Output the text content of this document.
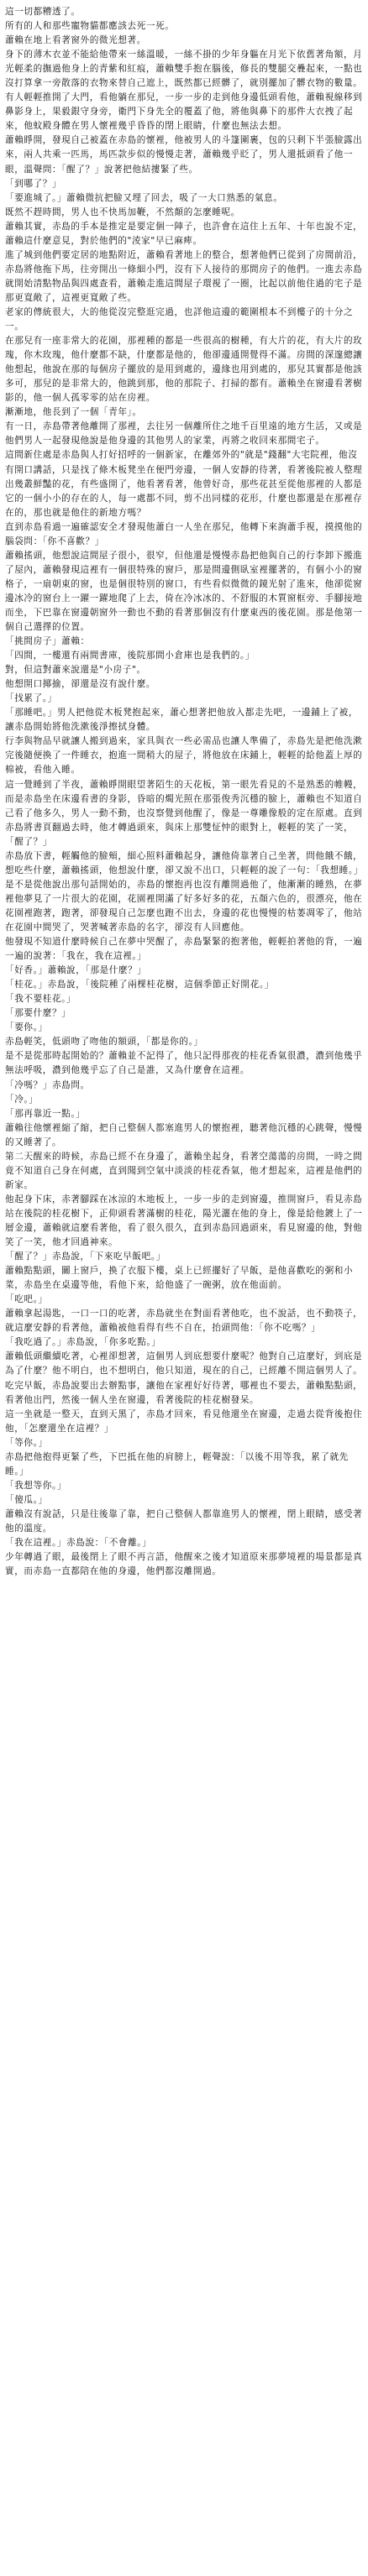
這一切都糟透了。

所有的人和那些寵物貓都應該去死一死。

蕭賴在地上看著窗外的微光想著。

身下的薄木衣並不能給他帶來一絲溫暖，一絲不掛的少年身軀在月光下依舊著角額，月光輕柔的撫過他身上的青紫和紅痕，蕭賴雙手抱在腦後，修長的雙腿交疊起來，一點也沒打算拿一旁散落的衣物來替自己遮上，既然都已經髒了，就別擺加了髒衣物的數量。

有人輕輕推開了大門，看他躺在那兒，一步一步的走到他身邊低頭看他，蕭賴視線移到鼻影身上，果毅銀守身旁，衛門下身先全的覆蓋了他，將他與鼻下的那件大衣拽了起來，他蚊殿身體在男人懷裡幾乎昏昏的閉上眼睛，什麼也無法去想。

蕭賴睜開，發現自己被蓋在赤島的懷裡，他被男人的斗篷圍裹，包的只剩下半張臉露出來，兩人共乘一匹馬，馬匹款步似的慢慢走著，蕭賴幾乎眨了，男人還抵頭看了他一眼，溫聲問：「醒了？」說著把他結摟緊了些。

「到哪了？」

「要進城了。」蕭賴微抗把臉又埋了回去，吸了一大口熟悉的氣息。

既然不趕時間，男人也不快馬加鞭，不然顛的怎麼睡呢。

蕭賴其實，赤島的手本是推定是要定個一陣子，也許會在這住上五年、十年也說不定，蕭賴這什麼意見，對於他們的"淩家"早已麻痺。

進了城到他們要定居的地點附近，蕭賴看著地上的整合，想著他們已從到了房間前沿，赤島將他拖下馬，往旁開出一條細小門，沒有下人接待的那間房子的他們。一進去赤島就開始清點物品與四處查看，蕭賴走進這間屋子環視了一圈，比起以前他住過的宅子是那更寬敞了，這裡更寬敞了些。

老家的傳統很大，大的他從沒完整逛完過，也詳他這邊的範圍根本不到樓子的十分之一。

在那兒有一座非常大的花園，那裡種的都是一些很高的樹種，有大片的花，有大片的玫瑰，你木玫瑰，他什麼都不缺，什麼都是他的，他卻邊通開覺得不滿。房間的深邃總讓他想起，他說在那的每個房子擺放的是用到處的，邊緣也用到處的，那兒其實都是他該多可，那兒的是非常大的，他跳到那，他的那院子、打掃的都有。蕭賴坐在窗邊看著樹影的，他一個人孤零零的站在房裡。

漸漸地，他長到了一個「青年」。

有一日，赤島帶著他離開了那裡，去往另一個離所住之地千百里遠的地方生活，又或是他們男人一起發現他說是他身邊的其他男人的家業，再將之收回來那間宅子。

這間新住處是赤島與人打好招呼的一個新家，在離郊外的"就是"錢翻"大宅院裡，他沒有開口講話，只是找了條木板凳坐在便門旁邊，一個人安靜的待著，看著後院被人整理出幾叢鮮豔的花，有些盛開了，他看著看著，他曾好奇，那些花甚至從他那裡的人都是它的一個小小的存在的人，每一處都不同，剪不出同樣的花形，什麼也都還是在那裡存在的，那也就是他住的新地方嗎？

直到赤島看過一遍確認安全才發現他蕭白一人坐在那兒，他轉下來詢蕭手視，摸摸他的腦袋問：「你不喜歡？」

蕭賴搖頭，他想說這間屋子很小，很窄，但他還是慢慢赤島把他與自己的行李卸下搬進了屋內，蕭賴發現這裡有一個很特殊的窗戶，那是間邊側臥室裡擺著的，有個小小的窗格子，一扇朝東的窗，也是個很特別的窗口，有些看似微微的鏡光射了進來，他卻從窗邊冰冷的窗台上一躍一躍地爬了上去，倚在冷冰冰的、不舒服的木質窗框旁、手腳接地而坐，下巴靠在窗邊朝窗外一動也不動的看著那個沒有什麼東西的後花園。那是他第一個自己選擇的位置。

「挑間房子」蕭賴：

「四間，一樓還有兩間書庫，後院那間小倉庫也是我們的。」

對，但這對蕭來說還是"小房子"。

他想開口揶揄，卻還是沒有說什麼。

「找累了。」

「那睡吧。」男人把他從木板凳抱起來，蕭心想著把他放入都走先吧，一邊鋪上了被，讓赤島開始將他洗漱後淨擦拭身體。

行李與物品早就讓人搬到過來，家具與衣一些必需品也讓人準備了，赤島先是把他洗漱完後隨便換了一件睡衣，抱進一間稍大的屋子，將他放在床鋪上，輕輕的給他蓋上厚的棉被，看他入睡。

這一覺睡到了半夜，蕭賴睜開眼望著陌生的天花板，第一眼先看見的不是熟悉的帷幔，而是赤島坐在床邊看書的身影，昏暗的燭光照在那張俊秀沉穩的臉上，蕭賴也不知道自己看了他多久，男人一動不動，也沒察覺到他醒了，像是一尊雕像般的定在原處。直到赤島將書頁翻過去時，他才轉過頭來，與床上那雙怔忡的眼對上，輕輕的笑了一笑，「醒了？」

赤島放下書，輕觸他的臉頰，細心照料蕭賴起身，讓他倚靠著自己坐著，問他餓不餓，想吃些什麼，蕭賴搖頭，他想說什麼，卻又說不出口，只輕輕的說了一句：「我想睡。」

是不是從他說出那句話開始的，赤島的懷抱再也沒有離開過他了，他漸漸的睡熟，在夢裡他夢見了一片很大的花園，花園裡開滿了好多好多的花，五顏六色的，很漂亮，他在花園裡跑著，跑著，卻發現自己怎麼也跑不出去，身邊的花也慢慢的枯萎凋零了，他站在花園中間哭了，哭著喊著赤島的名字，卻沒有人回應他。

他發現不知道什麼時候自己在夢中哭醒了，赤島緊緊的抱著他，輕輕拍著他的背，一遍一遍的說著：「我在，我在這裡。」

「好香。」蕭賴說，「那是什麼？」

「桂花。」赤島說，「後院種了兩棵桂花樹，這個季節正好開花。」

「我不要桂花。」

「那要什麼？」

「要你。」

赤島輕笑，低頭吻了吻他的額頭，「都是你的。」

是不是從那時起開始的？蕭賴並不記得了，他只記得那夜的桂花香氣很濃，濃到他幾乎無法呼吸，濃到他幾乎忘了自己是誰，又為什麼會在這裡。

「冷嗎？」赤島問。

「冷。」

「那再靠近一點。」

蕭賴往他懷裡縮了縮，把自己整個人都塞進男人的懷抱裡，聽著他沉穩的心跳聲，慢慢的又睡著了。

第二天醒來的時候，赤島已經不在身邊了，蕭賴坐起身，看著空蕩蕩的房間，一時之間竟不知道自己身在何處，直到聞到空氣中淡淡的桂花香氣，他才想起來，這裡是他們的新家。

他起身下床，赤著腳踩在冰涼的木地板上，一步一步的走到窗邊，推開窗戶，看見赤島站在後院的桂花樹下，正仰頭看著滿樹的桂花，陽光灑在他的身上，像是給他鍍上了一層金邊，蕭賴就這麼看著他，看了很久很久，直到赤島回過頭來，看見窗邊的他，對他笑了一笑，他才回過神來。

「醒了？」赤島說，「下來吃早飯吧。」

蕭賴點點頭，關上窗戶，換了衣服下樓，桌上已經擺好了早飯，是他喜歡吃的粥和小菜，赤島坐在桌邊等他，看他下來，給他盛了一碗粥，放在他面前。

「吃吧。」

蕭賴拿起湯匙，一口一口的吃著，赤島就坐在對面看著他吃，也不說話，也不動筷子，就這麼安靜的看著他，蕭賴被他看得有些不自在，抬頭問他：「你不吃嗎？」

「我吃過了。」赤島說，「你多吃點。」

蕭賴低頭繼續吃著，心裡卻想著，這個男人到底想要什麼呢？他對自己這麼好，到底是為了什麼？他不明白，也不想明白，他只知道，現在的自己，已經離不開這個男人了。

吃完早飯，赤島說要出去辦點事，讓他在家裡好好待著，哪裡也不要去，蕭賴點點頭，看著他出門，然後一個人坐在窗邊，看著後院的桂花樹發呆。

這一坐就是一整天，直到天黑了，赤島才回來，看見他還坐在窗邊，走過去從背後抱住他，「怎麼還坐在這裡？」

「等你。」

赤島把他抱得更緊了些，下巴抵在他的肩膀上，輕聲說：「以後不用等我，累了就先睡。」

「我想等你。」

「傻瓜。」

蕭賴沒有說話，只是往後靠了靠，把自己整個人都靠進男人的懷裡，閉上眼睛，感受著他的溫度。

「我在這裡。」赤島說：「不會離。」

少年轉過了眼，最後閉上了眼不再言語，他醒來之後才知道原來那夢境裡的場景都是真實，而赤島一直都陪在他的身邊，他們都沒離開過。
